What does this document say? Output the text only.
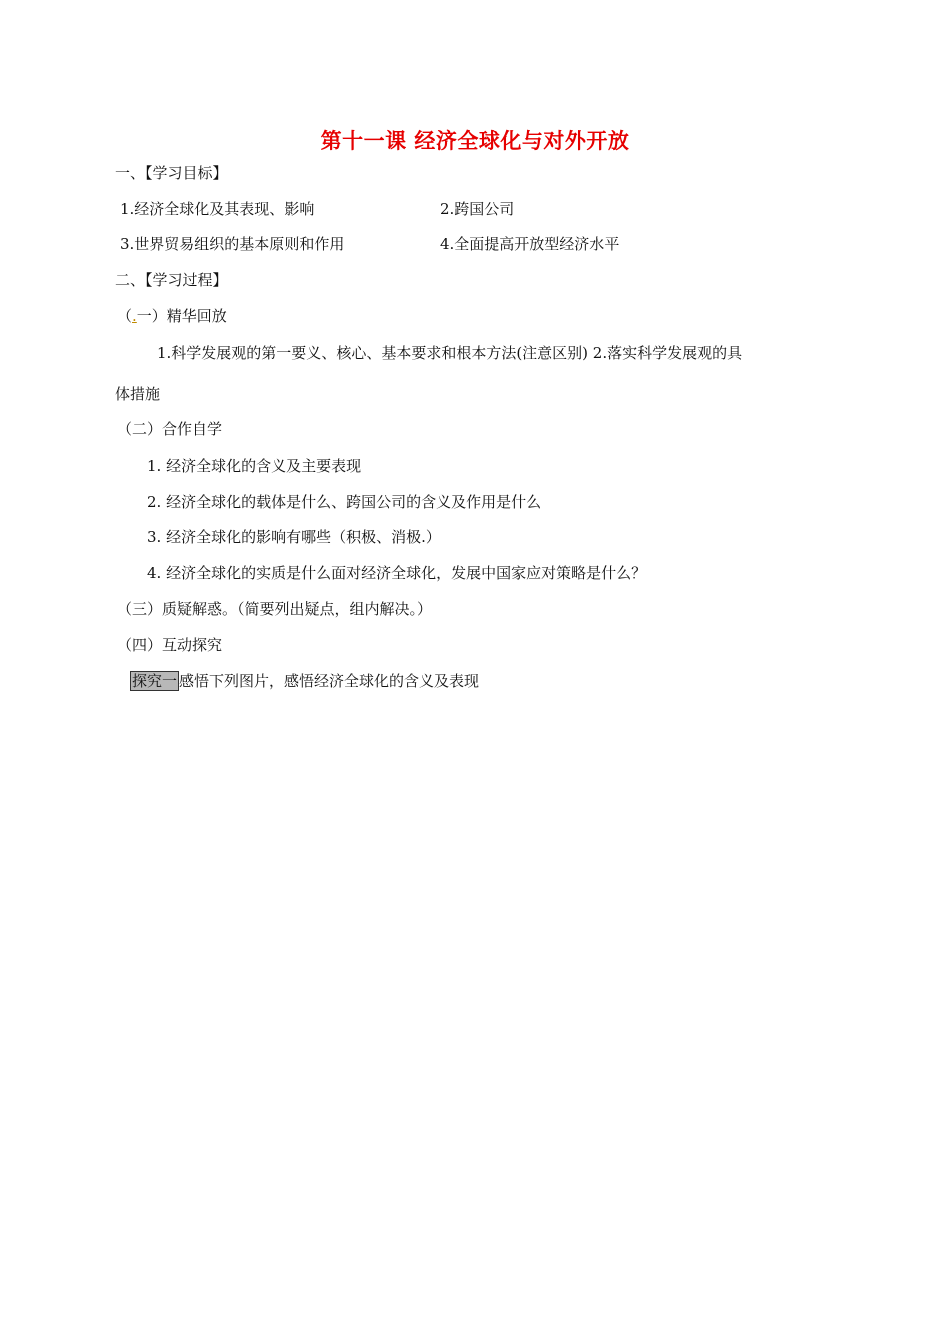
第十一课 经济全球化与对外开放
一、【学习目标】
1.经济全球化及其表现、影响	2.跨国公司
3.世界贸易组织的基本原则和作用	4.全面提高开放型经济水平
二、【学习过程】
（.一）精华回放
1.科学发展观的第一要义、核心、基本要求和根本方法(注意区别) 2.落实科学发展观的具
体措施
（二）合作自学
1. 经济全球化的含义及主要表现
2. 经济全球化的载体是什么、跨国公司的含义及作用是什么
3. 经济全球化的影响有哪些（积极、消极.）
4. 经济全球化的实质是什么面对经济全球化，发展中国家应对策略是什么？
（三）质疑解惑。（简要列出疑点，组内解决。）
（四）互动探究
探究一 感悟下列图片，感悟经济全球化的含义及表现
